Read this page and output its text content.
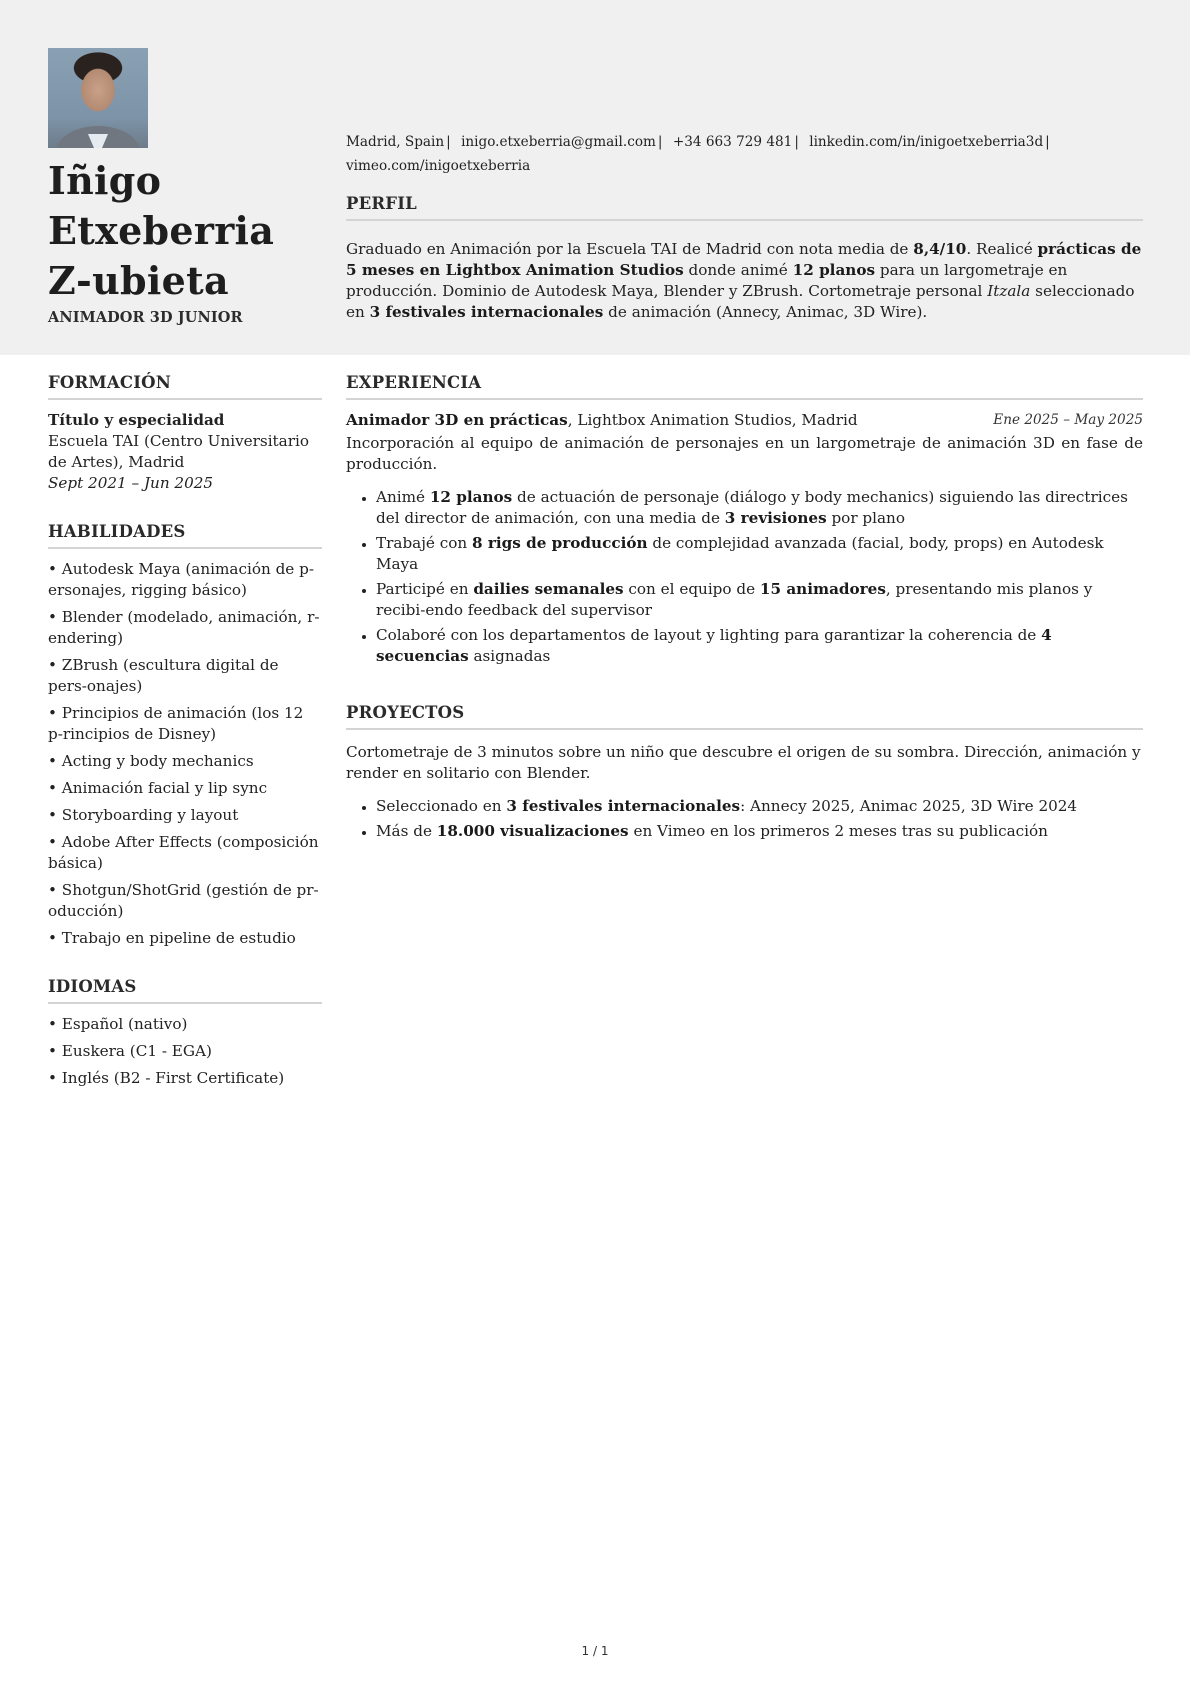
Iñigo Etxeberria Z-ubieta
ANIMADOR 3D JUNIOR
Madrid, Spain | inigo.etxeberria@gmail.com | +34 663 729 481 | linkedin.com/in/inigoetxeberria3d |
vimeo.com/inigoetxeberria
PERFIL

Graduado en Animación por la Escuela TAI de Madrid con nota media de 8,4/10. Realicé prácticas de 5 meses en Lightbox Animation Studios donde animé 12 planos para un largometraje en producción. Dominio de Autodesk Maya, Blender y ZBrush. Cortometraje personal Itzala seleccionado en 3 festivales internacionales de animación (Annecy, Animac, 3D Wire).

FORMACIÓN
Título y especialidad
Escuela TAI (Centro Universitario de Artes), Madrid
Sept 2021 – Jun 2025
HABILIDADES
• Autodesk Maya (animación de p-ersonajes, rigging básico)
• Blender (modelado, animación, r-endering)
• ZBrush (escultura digital de pers-onajes)
• Principios de animación (los 12 p-rincipios de Disney)
• Acting y body mechanics
• Animación facial y lip sync
• Storyboarding y layout
• Adobe After Effects (composición básica)
• Shotgun/ShotGrid (gestión de pr-oducción)
• Trabajo en pipeline de estudio
IDIOMAS
• Español (nativo)
• Euskera (C1 - EGA)
• Inglés (B2 - First Certificate)
EXPERIENCIA
Animador 3D en prácticas, Lightbox Animation Studios, Madrid	Ene 2025 – May 2025

Incorporación al equipo de animación de personajes en un largometraje de animación 3D en fase de producción.

• Animé 12 planos de actuación de personaje (diálogo y body mechanics) siguiendo las directrices del director de animación, con una media de 3 revisiones por plano
• Trabajé con 8 rigs de producción de complejidad avanzada (facial, body, props) en Autodesk Maya
• Participé en dailies semanales con el equipo de 15 animadores, presentando mis planos y recibi-endo feedback del supervisor
• Colaboré con los departamentos de layout y lighting para garantizar la coherencia de 4 secuencias asignadas
PROYECTOS

Cortometraje de 3 minutos sobre un niño que descubre el origen de su sombra. Dirección, animación y render en solitario con Blender.

• Seleccionado en 3 festivales internacionales: Annecy 2025, Animac 2025, 3D Wire 2024
• Más de 18.000 visualizaciones en Vimeo en los primeros 2 meses tras su publicación
1 / 1
